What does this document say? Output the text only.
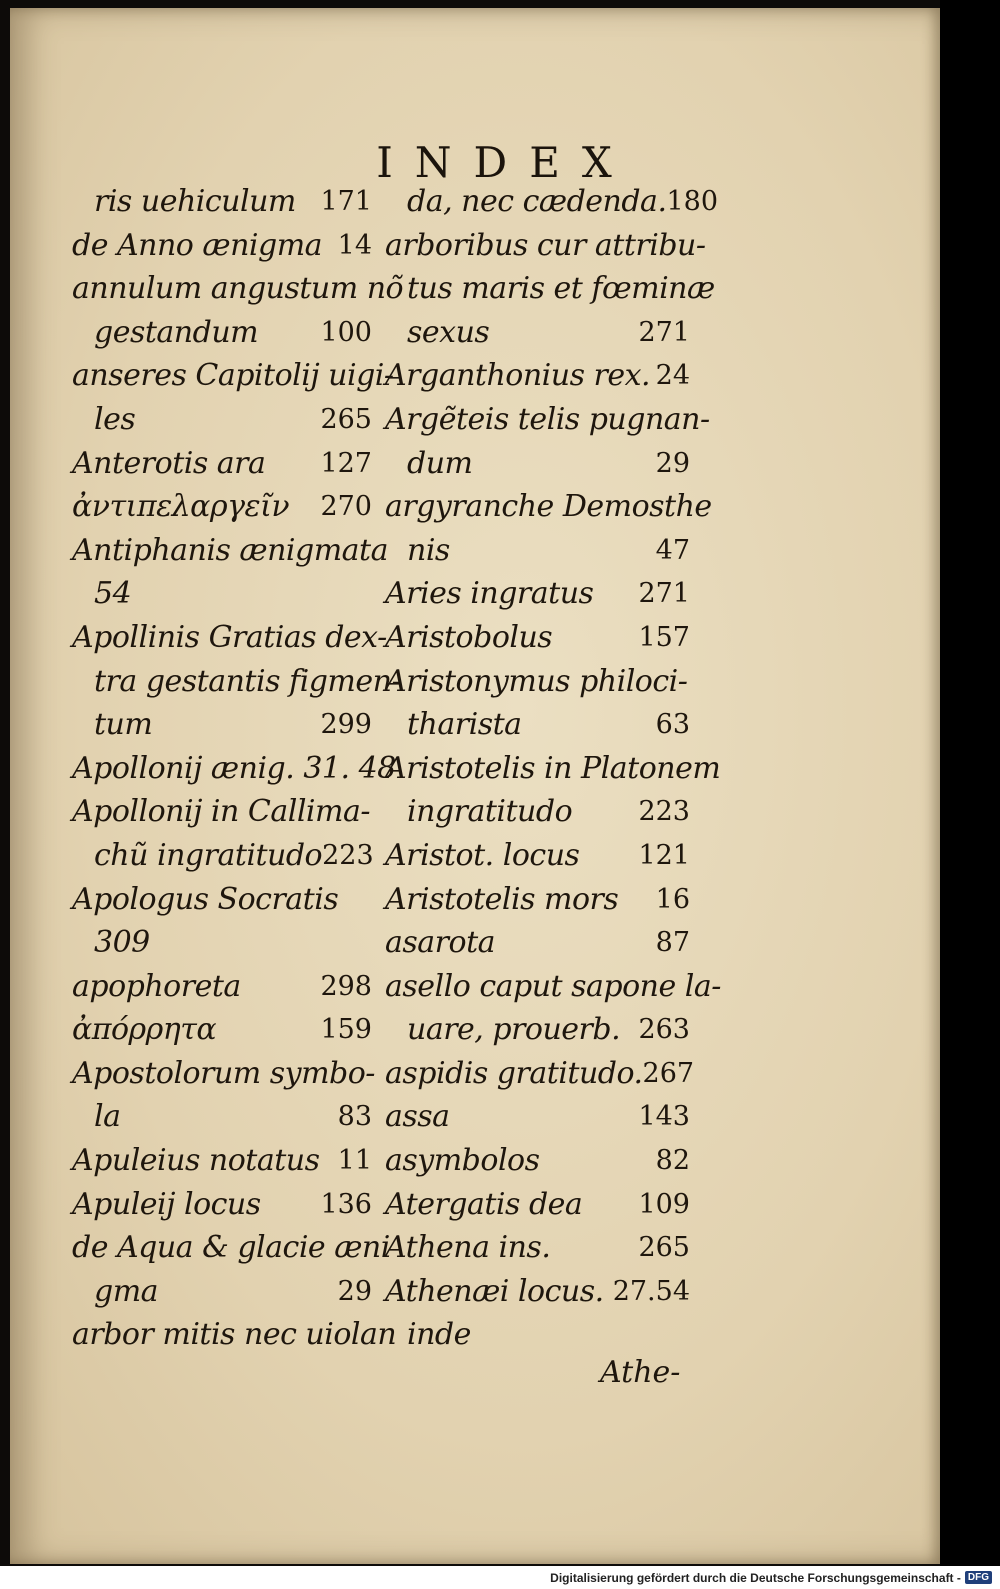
INDEX
ris uehiculum 171
de Anno ænigma 14
annulum angustum nõ
gestandum 100
anseres Capitolij uigi-
les	265
Anterotis ara 127
ἀντιπελαργεῖν 270
Antiphanis ænigmata
54
Apollinis Gratias dex-
tra gestantis figmen-
tum	299
Apollonij ænig. 31. 48
Apollonij in Callima-
chũ ingratitudo 223
Apologus Socratis
309
apophoreta	298
ἀπόρρητα	159
Apostolorum symbo-
la	83
Apuleius notatus 11
Apuleij locus 136
de Aqua & glacie æni
gma	29
arbor mitis nec uiolan
da, nec cædenda. 180
arboribus cur attribu-
tus maris et fœminæ
sexus	271
Arganthonius rex. 24
Argẽteis telis pugnan-
dum	29
argyranche Demosthe
nis	47
Aries ingratus 271
Aristobolus	157
Aristonymus philoci-
tharista	63
Aristotelis in Platonem
ingratitudo 223
Aristot. locus 121
Aristotelis mors 16
asarota	87
asello caput sapone la-
uare, prouerb. 263
aspidis gratitudo. 267
assa	143
asymbolos	82
Atergatis dea 109
Athena ins.	265
Athenæi locus. 27.54
inde
Athe-
Digitalisierung gefördert durch die Deutsche Forschungsgemeinschaft - DFG
